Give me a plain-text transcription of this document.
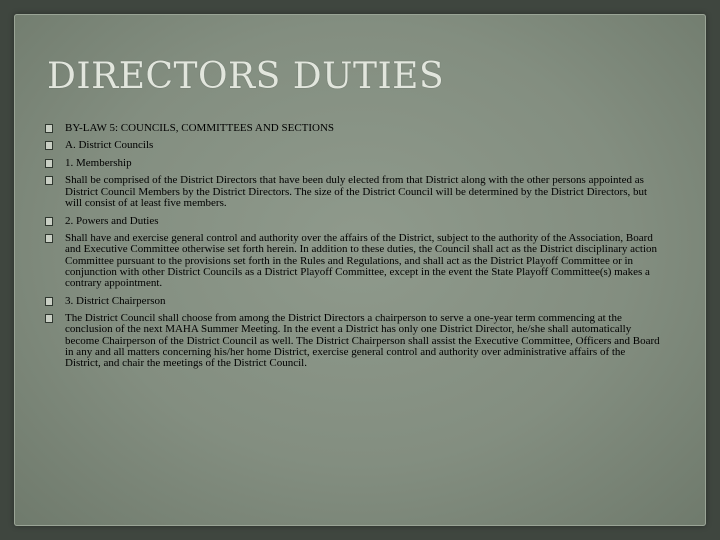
DIRECTORS DUTIES
BY-LAW 5: COUNCILS, COMMITTEES AND SECTIONS
A. District Councils
1. Membership
Shall be comprised of the District Directors that have been duly elected from that District along with the other persons appointed as District Council Members by the District Directors. The size of the District Council will be determined by the District Directors, but will consist of at least five members.
2. Powers and Duties
Shall have and exercise general control and authority over the affairs of the District, subject to the authority of the Association, Board and Executive Committee otherwise set forth herein. In addition to these duties, the Council shall act as the District disciplinary action Committee pursuant to the provisions set forth in the Rules and Regulations, and shall act as the District Playoff Committee or in conjunction with other District Councils as a District Playoff Committee, except in the event the State Playoff Committee(s) makes a contrary appointment.
3. District Chairperson
The District Council shall choose from among the District Directors a chairperson to serve a one-year term commencing at the conclusion of the next MAHA Summer Meeting. In the event a District has only one District Director, he/she shall automatically become Chairperson of the District Council as well. The District Chairperson shall assist the Executive Committee, Officers and Board in any and all matters concerning his/her home District, exercise general control and authority over administrative affairs of the District, and chair the meetings of the District Council.
